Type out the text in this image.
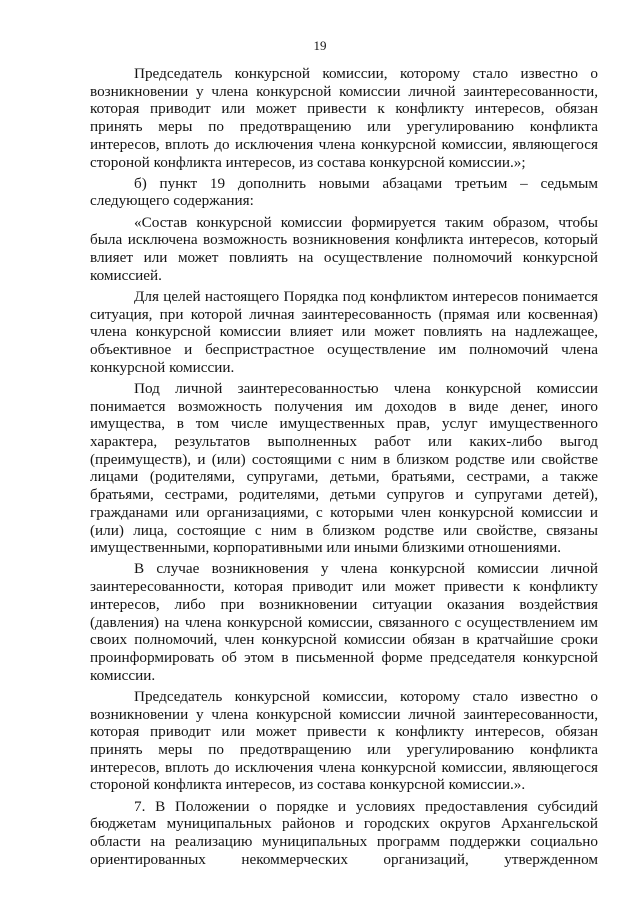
19

Председатель конкурсной комиссии, которому стало известно о возникновении у члена конкурсной комиссии личной заинтересованности, которая приводит или может привести к конфликту интересов, обязан принять меры по предотвращению или урегулированию конфликта интересов, вплоть до исключения члена конкурсной комиссии, являющегося стороной конфликта интересов, из состава конкурсной комиссии.»;

б) пункт 19 дополнить новыми абзацами третьим – седьмым следующего содержания:

«Состав конкурсной комиссии формируется таким образом, чтобы была исключена возможность возникновения конфликта интересов, который влияет или может повлиять на осуществление полномочий конкурсной комиссией.

Для целей настоящего Порядка под конфликтом интересов понимается ситуация, при которой личная заинтересованность (прямая или косвенная) члена конкурсной комиссии влияет или может повлиять на надлежащее, объективное и беспристрастное осуществление им полномочий члена конкурсной комиссии.

Под личной заинтересованностью члена конкурсной комиссии понимается возможность получения им доходов в виде денег, иного имущества, в том числе имущественных прав, услуг имущественного характера, результатов выполненных работ или каких-либо выгод (преимуществ), и (или) состоящими с ним в близком родстве или свойстве лицами (родителями, супругами, детьми, братьями, сестрами, а также братьями, сестрами, родителями, детьми супругов и супругами детей), гражданами или организациями, с которыми член конкурсной комиссии и (или) лица, состоящие с ним в близком родстве или свойстве, связаны имущественными, корпоративными или иными близкими отношениями.

В случае возникновения у члена конкурсной комиссии личной заинтересованности, которая приводит или может привести к конфликту интересов, либо при возникновении ситуации оказания воздействия (давления) на члена конкурсной комиссии, связанного с осуществлением им своих полномочий, член конкурсной комиссии обязан в кратчайшие сроки проинформировать об этом в письменной форме председателя конкурсной комиссии.

Председатель конкурсной комиссии, которому стало известно о возникновении у члена конкурсной комиссии личной заинтересованности, которая приводит или может привести к конфликту интересов, обязан принять меры по предотвращению или урегулированию конфликта интересов, вплоть до исключения члена конкурсной комиссии, являющегося стороной конфликта интересов, из состава конкурсной комиссии.».

7. В Положении о порядке и условиях предоставления субсидий бюджетам муниципальных районов и городских округов Архангельской области на реализацию муниципальных программ поддержки социально ориентированных некоммерческих организаций, утвержденном
